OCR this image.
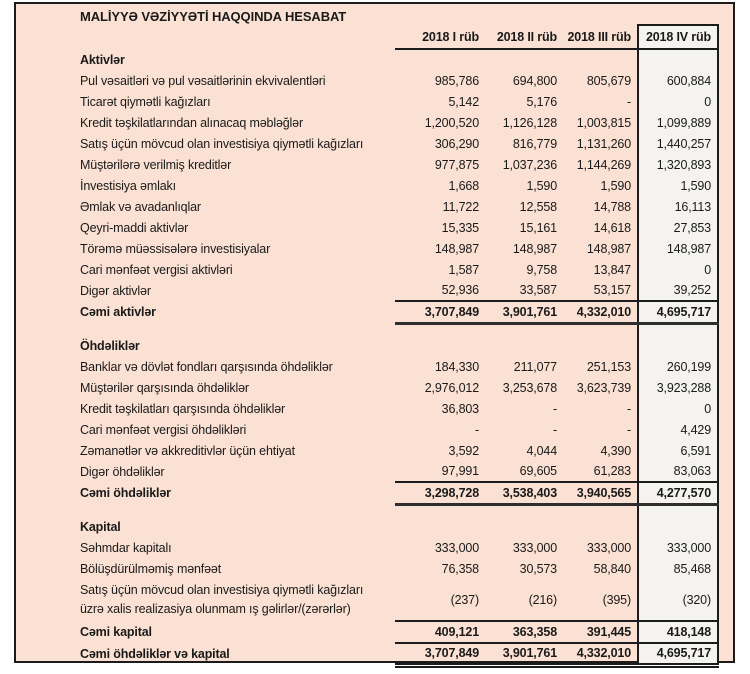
MALİYYƏ VƏZİYYƏTİ HAQQINDA HESABAT
	2018 I rüb	2018 II rüb	2018 III rüb	2018 IV rüb
Aktivlər				
Pul vəsaitləri və pul vəsaitlərinin ekvivalentləri	985,786	694,800	805,679	600,884
Ticarət qiymətli kağızları	5,142	5,176	-	0
Kredit təşkilatlarından alınacaq məbləğlər	1,200,520	1,126,128	1,003,815	1,099,889
Satış üçün mövcud olan investisiya qiymətli kağızları	306,290	816,779	1,131,260	1,440,257
Müştərilərə verilmiş kreditlər	977,875	1,037,236	1,144,269	1,320,893
İnvestisiya əmlakı	1,668	1,590	1,590	1,590
Əmlak və avadanlıqlar	11,722	12,558	14,788	16,113
Qeyri-maddi aktivlər	15,335	15,161	14,618	27,853
Törəmə müəssisələrə investisiyalar	148,987	148,987	148,987	148,987
Cari mənfəət vergisi aktivləri	1,587	9,758	13,847	0
Digər aktivlər	52,936	33,587	53,157	39,252
Cəmi aktivlər	3,707,849	3,901,761	4,332,010	4,695,717

Öhdəliklər				
Banklar və dövlət fondları qarşısında öhdəliklər	184,330	211,077	251,153	260,199
Müştərilər qarşısında öhdəliklər	2,976,012	3,253,678	3,623,739	3,923,288
Kredit təşkilatları qarşısında öhdəliklər	36,803	-	-	0
Cari mənfəət vergisi öhdəlikləri	-	-	-	4,429
Zəmanətlər və akkreditivlər üçün ehtiyat	3,592	4,044	4,390	6,591
Digər öhdəliklər	97,991	69,605	61,283	83,063
Cəmi öhdəliklər	3,298,728	3,538,403	3,940,565	4,277,570

Kapital				
Səhmdar kapitalı	333,000	333,000	333,000	333,000
Bölüşdürülməmiş mənfəət	76,358	30,573	58,840	85,468

Satış üçün mövcud olan investisiya qiymətli kağızları
üzrə xalis realizasiya olunmam ış gəlirlər/(zərərlər)	(237)	(216)	(395)	(320)
Cəmi kapital	409,121	363,358	391,445	418,148
Cəmi öhdəliklər və kapital	3,707,849	3,901,761	4,332,010	4,695,717
